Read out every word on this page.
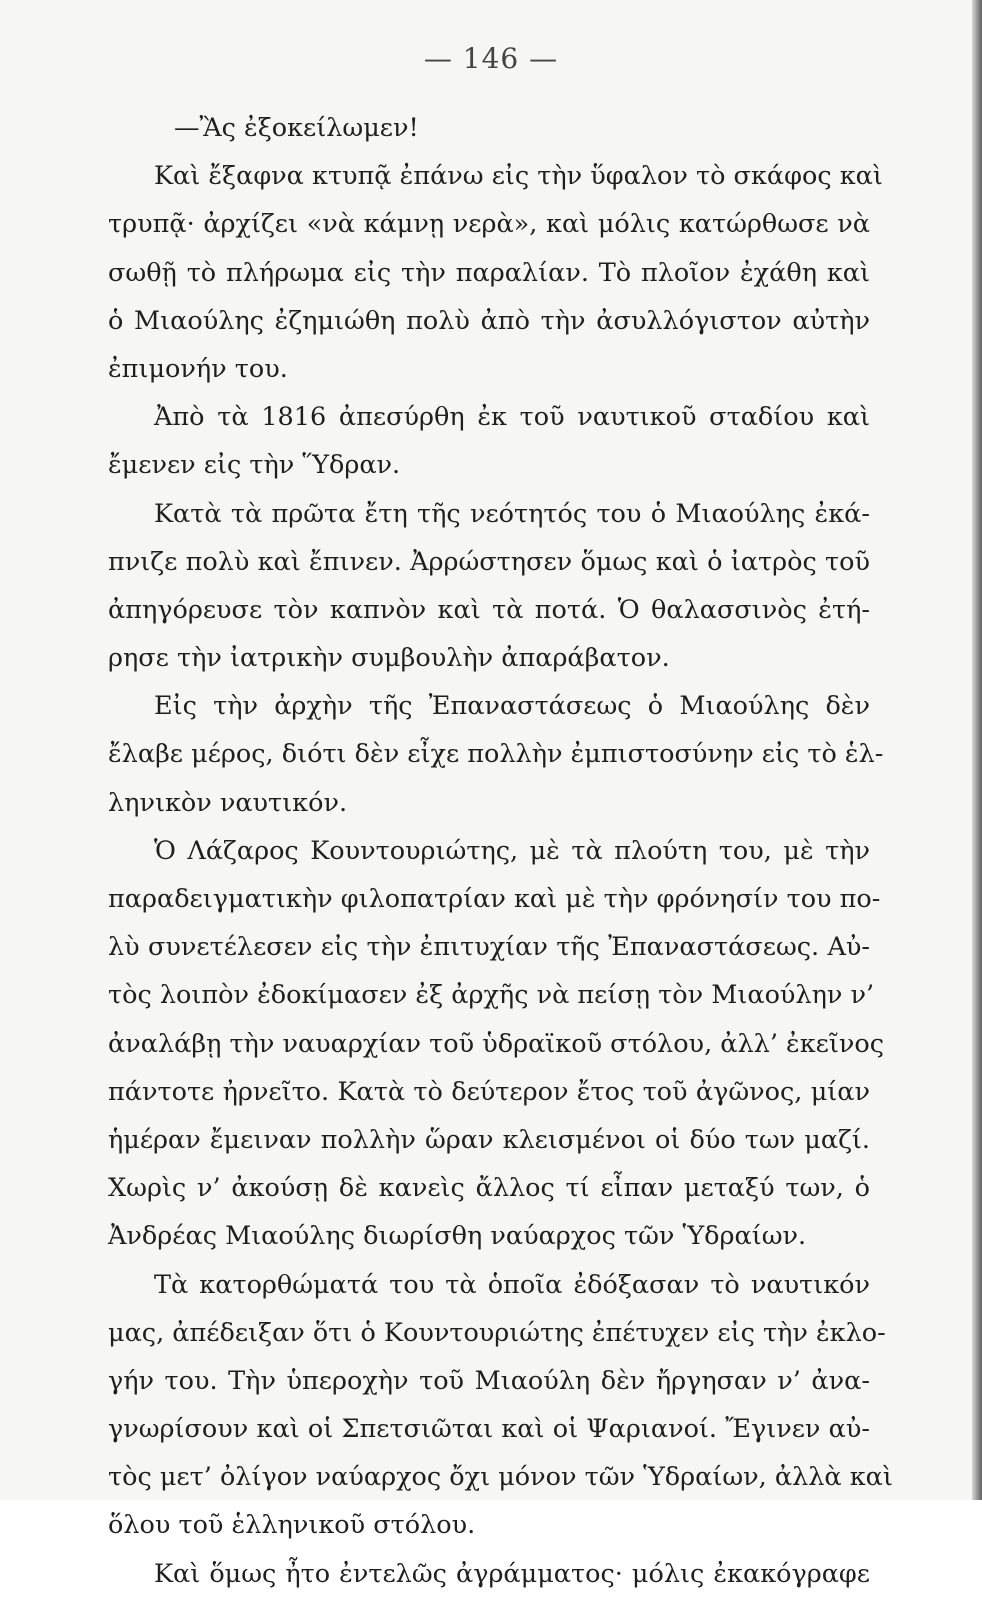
— 146 —
—Ἂς ἐξοκείλωμεν!
Καὶ ἔξαφνα κτυπᾷ ἐπάνω εἰς τὴν ὕφαλον τὸ σκάφος καὶ
τρυπᾷ· ἀρχίζει «νὰ κάμνῃ νερὰ», καὶ μόλις κατώρθωσε νὰ
σωθῇ τὸ πλήρωμα εἰς τὴν παραλίαν. Τὸ πλοῖον ἐχάθη καὶ
ὁ Μιαούλης ἐζημιώθη πολὺ ἀπὸ τὴν ἀσυλλόγιστον αὐτὴν
ἐπιμονήν του.
Ἀπὸ τὰ 1816 ἀπεσύρθη ἐκ τοῦ ναυτικοῦ σταδίου καὶ
ἔμενεν εἰς τὴν Ὕδραν.
Κατὰ τὰ πρῶτα ἔτη τῆς νεότητός του ὁ Μιαούλης ἐκά-
πνιζε πολὺ καὶ ἔπινεν. Ἀρρώστησεν ὅμως καὶ ὁ ἰατρὸς τοῦ
ἀπηγόρευσε τὸν καπνὸν καὶ τὰ ποτά. Ὁ θαλασσινὸς ἐτή-
ρησε τὴν ἰατρικὴν συμβουλὴν ἀπαράβατον.
Εἰς τὴν ἀρχὴν τῆς Ἐπαναστάσεως ὁ Μιαούλης δὲν
ἔλαβε μέρος, διότι δὲν εἶχε πολλὴν ἐμπιστοσύνην εἰς τὸ ἑλ-
ληνικὸν ναυτικόν.
Ὁ Λάζαρος Κουντουριώτης, μὲ τὰ πλούτη του, μὲ τὴν
παραδειγματικὴν φιλοπατρίαν καὶ μὲ τὴν φρόνησίν του πο-
λὺ συνετέλεσεν εἰς τὴν ἐπιτυχίαν τῆς Ἐπαναστάσεως. Αὐ-
τὸς λοιπὸν ἐδοκίμασεν ἐξ ἀρχῆς νὰ πείσῃ τὸν Μιαούλην ν’
ἀναλάβῃ τὴν ναυαρχίαν τοῦ ὑδραϊκοῦ στόλου, ἀλλ’ ἐκεῖνος
πάντοτε ἠρνεῖτο. Κατὰ τὸ δεύτερον ἔτος τοῦ ἀγῶνος, μίαν
ἡμέραν ἔμειναν πολλὴν ὥραν κλεισμένοι οἱ δύο των μαζί.
Χωρὶς ν’ ἀκούσῃ δὲ κανεὶς ἄλλος τί εἶπαν μεταξύ των, ὁ
Ἀνδρέας Μιαούλης διωρίσθη ναύαρχος τῶν Ὑδραίων.
Τὰ κατορθώματά του τὰ ὁποῖα ἐδόξασαν τὸ ναυτικόν
μας, ἀπέδειξαν ὅτι ὁ Κουντουριώτης ἐπέτυχεν εἰς τὴν ἐκλο-
γήν του. Τὴν ὑπεροχὴν τοῦ Μιαούλη δὲν ἤργησαν ν’ ἀνα-
γνωρίσουν καὶ οἱ Σπετσιῶται καὶ οἱ Ψαριανοί. Ἔγινεν αὐ-
τὸς μετ’ ὀλίγον ναύαρχος ὄχι μόνον τῶν Ὑδραίων, ἀλλὰ καὶ
ὅλου τοῦ ἑλληνικοῦ στόλου.
Καὶ ὅμως ἦτο ἐντελῶς ἀγράμματος· μόλις ἐκακόγραφε
